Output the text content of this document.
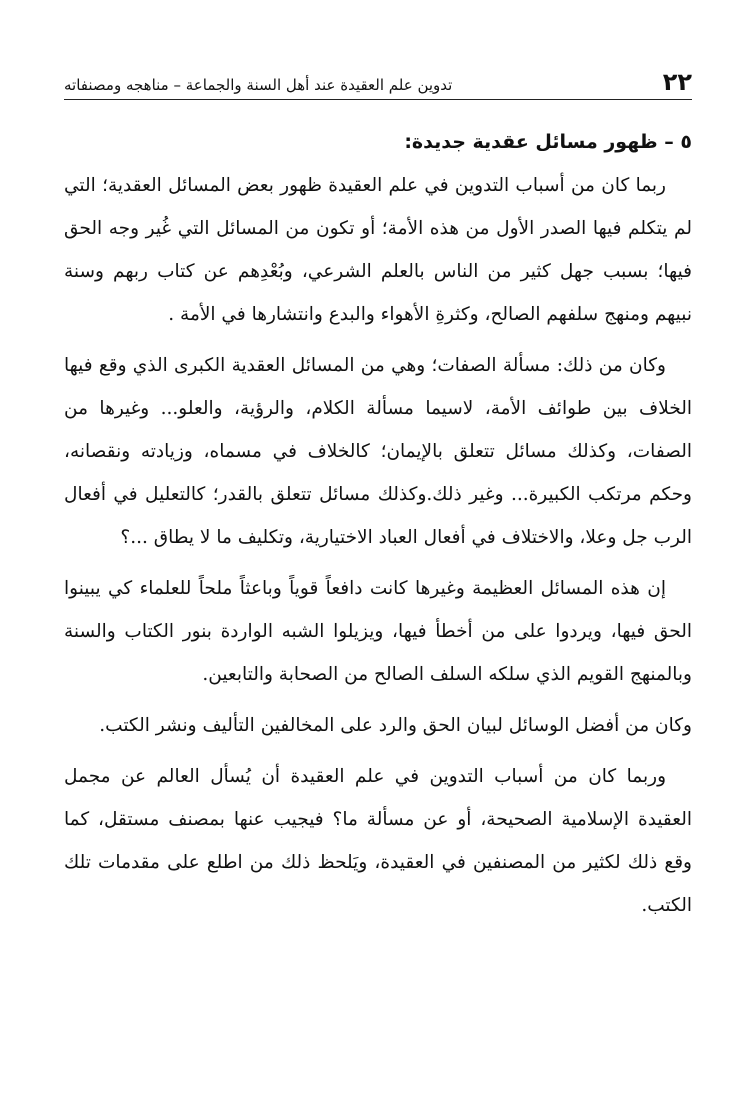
٢٢
تدوين علم العقيدة عند أهل السنة والجماعة – مناهجه ومصنفاته
٥ – ظهور مسائل عقدية جديدة:

ربما كان من أسباب التدوين في علم العقيدة ظهور بعض المسائل العقدية؛ التي لم يتكلم فيها الصدر الأول من هذه الأمة؛ أو تكون من المسائل التي غُير وجه الحق فيها؛ بسبب جهل كثير من الناس بالعلم الشرعي، وبُعْدِهم عن كتاب ربهم وسنة نبيهم ومنهج سلفهم الصالح، وكثرةِ الأهواء والبدع وانتشارها في الأمة .

وكان من ذلك: مسألة الصفات؛ وهي من المسائل العقدية الكبرى الذي وقع فيها الخلاف بين طوائف الأمة، لاسيما مسألة الكلام، والرؤية، والعلو... وغيرها من الصفات، وكذلك مسائل تتعلق بالإيمان؛ كالخلاف في مسماه، وزيادته ونقصانه، وحكم مرتكب الكبيرة... وغير ذلك.وكذلك مسائل تتعلق بالقدر؛ كالتعليل في أفعال الرب جل وعلا، والاختلاف في أفعال العباد الاختيارية، وتكليف ما لا يطاق ...؟

إن هذه المسائل العظيمة وغيرها كانت دافعاً قوياً وباعثاً ملحاً للعلماء كي يبينوا الحق فيها، ويردوا على من أخطأ فيها، ويزيلوا الشبه الواردة بنور الكتاب والسنة وبالمنهج القويم الذي سلكه السلف الصالح من الصحابة والتابعين.

وكان من أفضل الوسائل لبيان الحق والرد على المخالفين التأليف ونشر الكتب.

وربما كان من أسباب التدوين في علم العقيدة أن يُسأل العالم عن مجمل العقيدة الإسلامية الصحيحة، أو عن مسألة ما؟ فيجيب عنها بمصنف مستقل، كما وقع ذلك لكثير من المصنفين في العقيدة، ويَلحظ ذلك من اطلع على مقدمات تلك الكتب.
